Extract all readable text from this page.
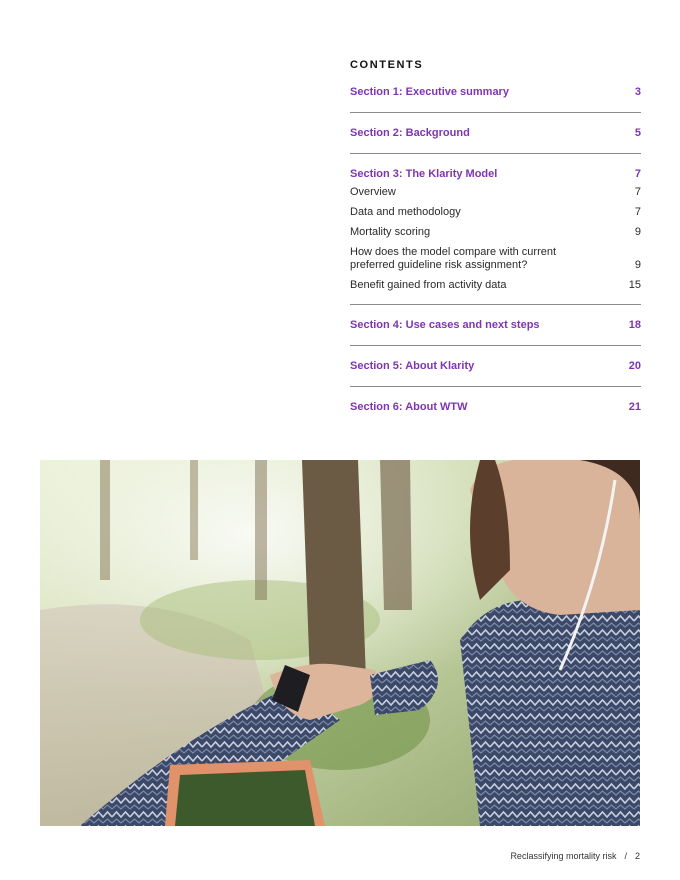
CONTENTS
Section 1: Executive summary	3
Section 2: Background	5
Section 3: The Klarity Model	7
Overview	7
Data and methodology	7
Mortality scoring	9
How does the model compare with current preferred guideline risk assignment?	9
Benefit gained from activity data	15
Section 4: Use cases and next steps	18
Section 5: About Klarity	20
Section 6: About WTW	21
Reclassifying mortality risk / 2
